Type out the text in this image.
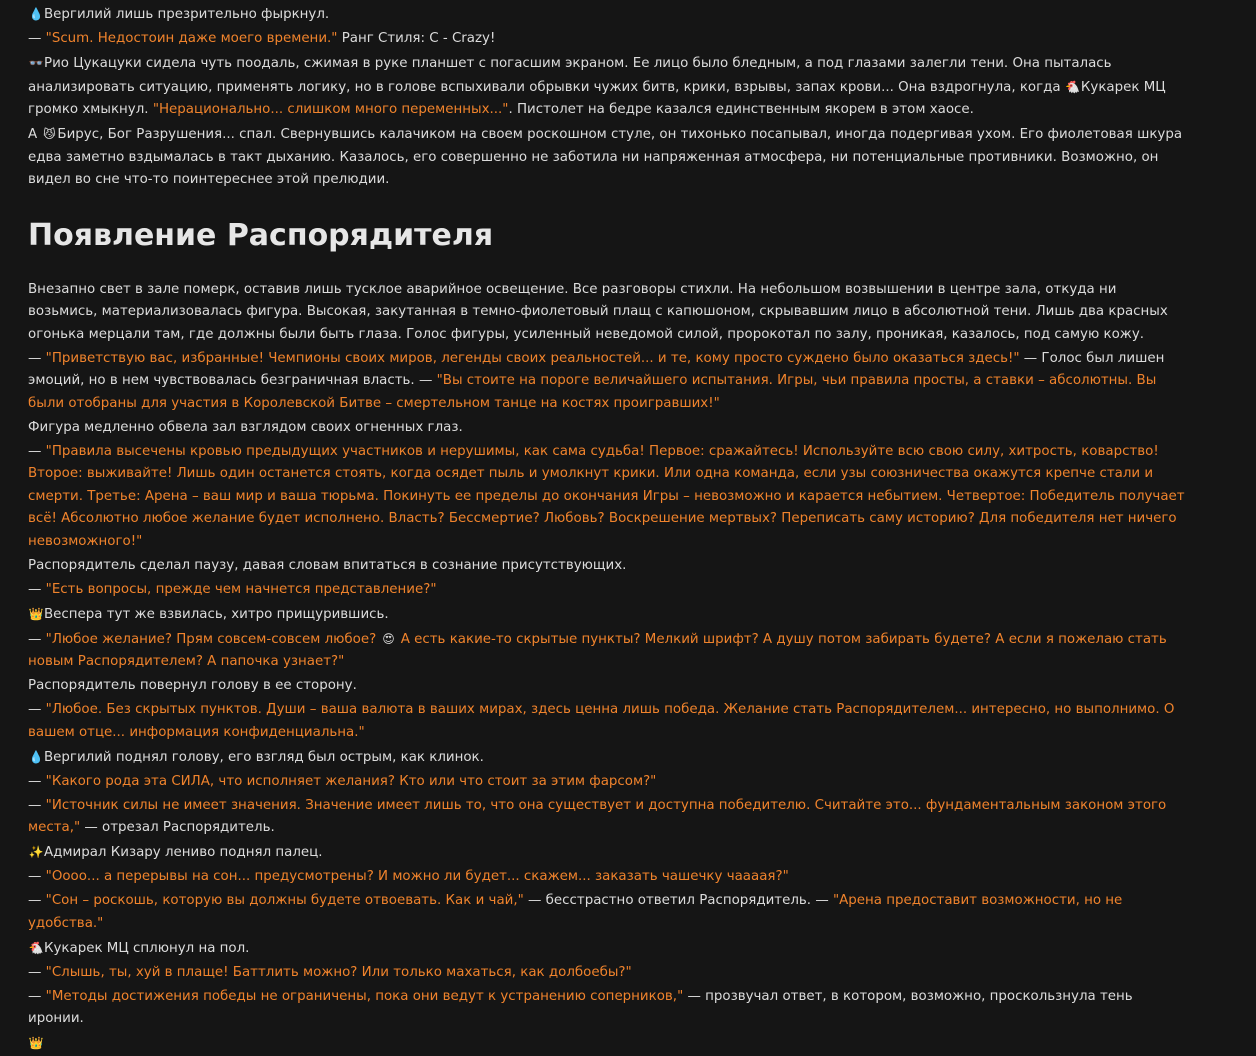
💧Вергилий лишь презрительно фыркнул.

— "Scum. Недостоин даже моего времени." Ранг Стиля: C - Crazy!

👓Рио Цукацуки сидела чуть поодаль, сжимая в руке планшет с погасшим экраном. Ее лицо было бледным, а под глазами залегли тени. Она пыталась анализировать ситуацию, применять логику, но в голове вспыхивали обрывки чужих битв, крики, взрывы, запах крови... Она вздрогнула, когда 🐔Кукарек МЦ громко хмыкнул. "Нерационально... слишком много переменных...". Пистолет на бедре казался единственным якорем в этом хаосе.

А 😼 Бирус, Бог Разрушения... спал. Свернувшись калачиком на своем роскошном стуле, он тихонько посапывал, иногда подергивая ухом. Его фиолетовая шкура едва заметно вздымалась в такт дыханию. Казалось, его совершенно не заботила ни напряженная атмосфера, ни потенциальные противники. Возможно, он видел во сне что-то поинтереснее этой прелюдии.

Появление Распорядителя

Внезапно свет в зале померк, оставив лишь тусклое аварийное освещение. Все разговоры стихли. На небольшом возвышении в центре зала, откуда ни возьмись, материализовалась фигура. Высокая, закутанная в темно-фиолетовый плащ с капюшоном, скрывавшим лицо в абсолютной тени. Лишь два красных огонька мерцали там, где должны были быть глаза. Голос фигуры, усиленный неведомой силой, пророкотал по залу, проникая, казалось, под самую кожу.

— "Приветствую вас, избранные! Чемпионы своих миров, легенды своих реальностей... и те, кому просто суждено было оказаться здесь!" — Голос был лишен эмоций, но в нем чувствовалась безграничная власть. — "Вы стоите на пороге величайшего испытания. Игры, чьи правила просты, а ставки – абсолютны. Вы были отобраны для участия в Королевской Битве – смертельном танце на костях проигравших!"

Фигура медленно обвела зал взглядом своих огненных глаз.

— "Правила высечены кровью предыдущих участников и нерушимы, как сама судьба! Первое: сражайтесь! Используйте всю свою силу, хитрость, коварство! Второе: выживайте! Лишь один останется стоять, когда осядет пыль и умолкнут крики. Или одна команда, если узы союзничества окажутся крепче стали и смерти. Третье: Арена – ваш мир и ваша тюрьма. Покинуть ее пределы до окончания Игры – невозможно и карается небытием. Четвертое: Победитель получает всё! Абсолютно любое желание будет исполнено. Власть? Бессмертие? Любовь? Воскрешение мертвых? Переписать саму историю? Для победителя нет ничего невозможного!"

Распорядитель сделал паузу, давая словам впитаться в сознание присутствующих.

— "Есть вопросы, прежде чем начнется представление?"

👑Веспера тут же взвилась, хитро прищурившись.

— "Любое желание? Прям совсем-совсем любое? 😍 А есть какие-то скрытые пункты? Мелкий шрифт? А душу потом забирать будете? А если я пожелаю стать новым Распорядителем? А папочка узнает?"

Распорядитель повернул голову в ее сторону.

— "Любое. Без скрытых пунктов. Души – ваша валюта в ваших мирах, здесь ценна лишь победа. Желание стать Распорядителем... интересно, но выполнимо. О вашем отце... информация конфиденциальна."

💧Вергилий поднял голову, его взгляд был острым, как клинок.

— "Какого рода эта СИЛА, что исполняет желания? Кто или что стоит за этим фарсом?"

— "Источник силы не имеет значения. Значение имеет лишь то, что она существует и доступна победителю. Считайте это... фундаментальным законом этого места," — отрезал Распорядитель.

✨Адмирал Кизару лениво поднял палец.

— "Оооо... а перерывы на сон... предусмотрены? И можно ли будет... скажем... заказать чашечку чаааая?"

— "Сон – роскошь, которую вы должны будете отвоевать. Как и чай," — бесстрастно ответил Распорядитель. — "Арена предоставит возможности, но не удобства."

🐔Кукарек МЦ сплюнул на пол.

— "Слышь, ты, хуй в плаще! Баттлить можно? Или только махаться, как долбоебы?"

— "Методы достижения победы не ограничены, пока они ведут к устранению соперников," — прозвучал ответ, в котором, возможно, проскользнула тень иронии.

👑
